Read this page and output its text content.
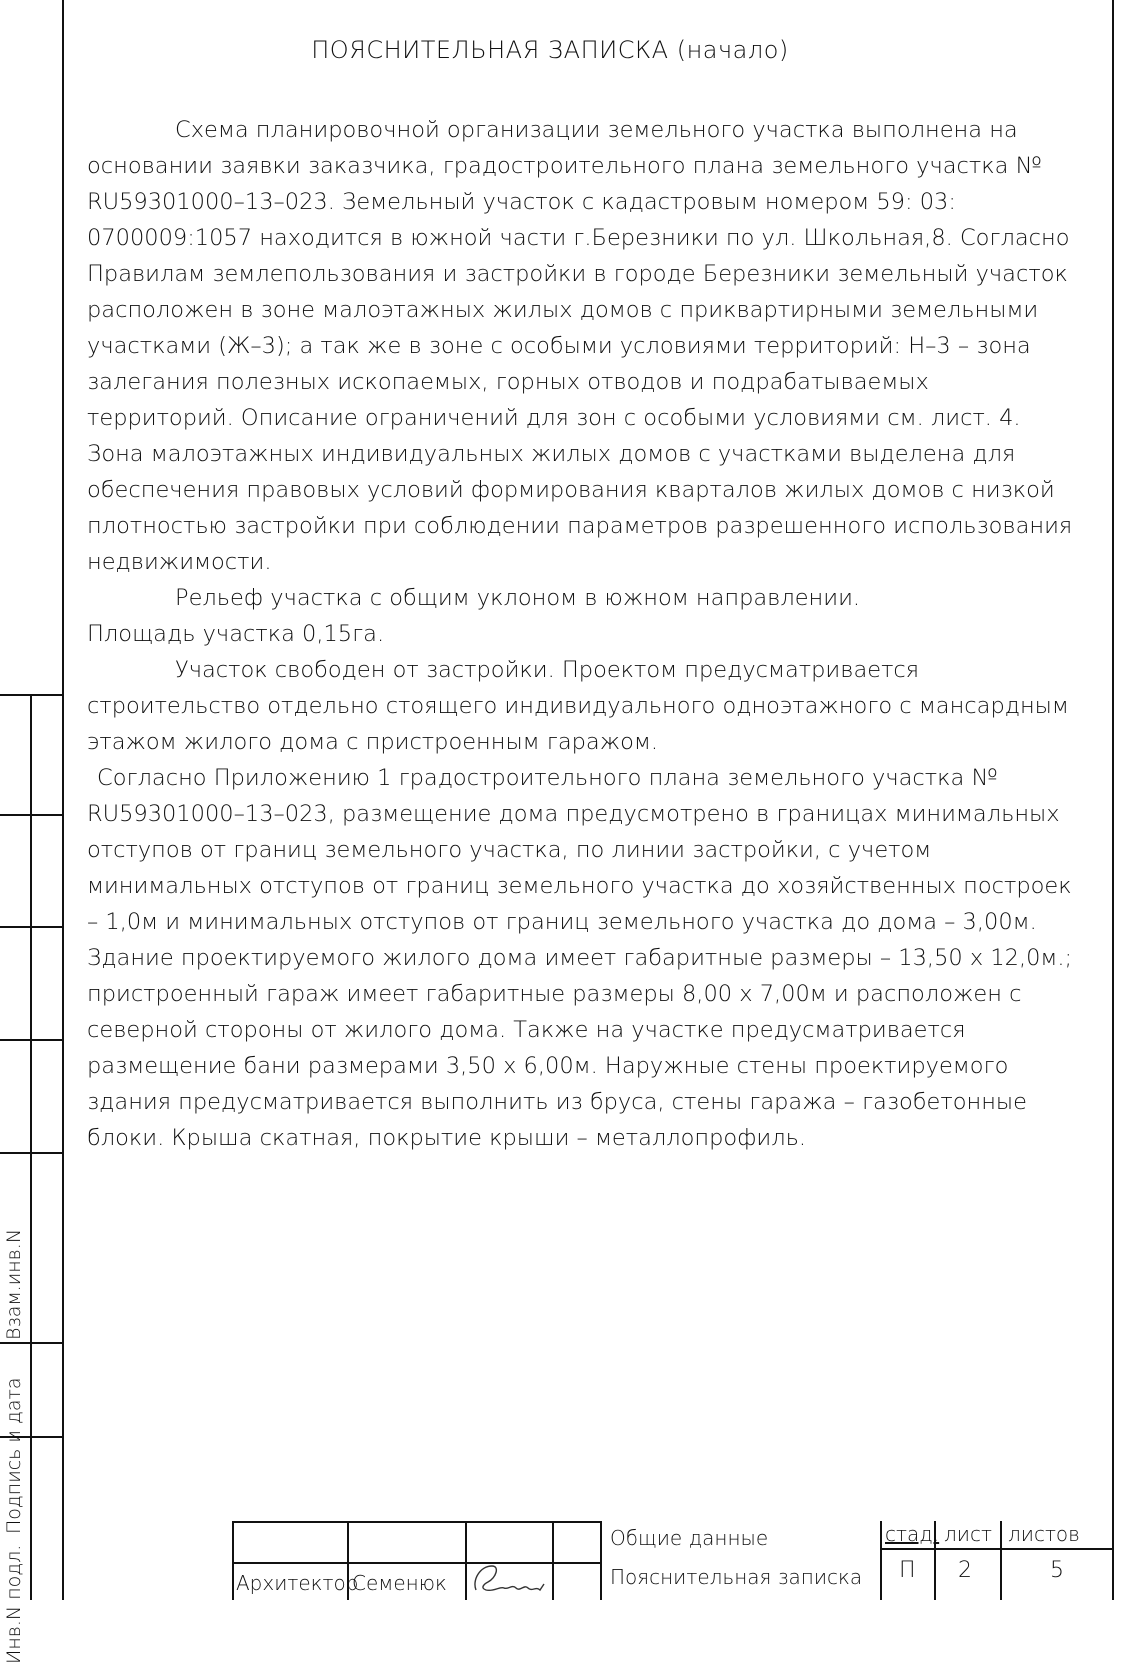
ПОЯСНИТЕЛЬНАЯ ЗАПИСКА (начало)

Схема планировочной организации земельного участка выполнена на основании заявки заказчика, градостроительного плана земельного участка № RU59301000–13–023. Земельный участок с кадастровым номером 59: 03: 0700009:1057 находится в южной части г.Березники по ул. Школьная,8. Согласно Правилам землепользования и застройки в городе Березники земельный участок расположен в зоне малоэтажных жилых домов с приквартирными земельными участками (Ж–3); а так же в зоне с особыми условиями территорий: Н–3 – зона залегания полезных ископаемых, горных отводов и подрабатываемых территорий. Описание ограничений для зон с особыми условиями см. лист. 4.

Зона малоэтажных индивидуальных жилых домов с участками выделена для обеспечения правовых условий формирования кварталов жилых домов с низкой плотностью застройки при соблюдении параметров разрешенного использования недвижимости.

Рельеф участка с общим уклоном в южном направлении.

Площадь участка 0,15га.

Участок свободен от застройки. Проектом предусматривается строительство отдельно стоящего индивидуального одноэтажного с мансардным этажом жилого дома с пристроенным гаражом.

Согласно Приложению 1 градостроительного плана земельного участка № RU59301000–13–023, размещение дома предусмотрено в границах минимальных отступов от границ земельного участка, по линии застройки, с учетом минимальных отступов от границ земельного участка до хозяйственных построек – 1,0м и минимальных отступов от границ земельного участка до дома – 3,00м. Здание проектируемого жилого дома имеет габаритные размеры – 13,50 х 12,0м.; пристроенный гараж имеет габаритные размеры 8,00 х 7,00м и расположен с северной стороны от жилого дома. Также на участке предусматривается размещение бани размерами 3,50 х 6,00м. Наружные стены проектируемого здания предусматривается выполнить из бруса, стены гаража – газобетонные блоки. Крыша скатная, покрытие крыши – металлопрофиль.

Взам.инв.N
Подпись и дата
Инв.N подл.	Архитектор
Семенюк
Общие данные
Пояснительная записка
стад. лист листов
П 2	5
